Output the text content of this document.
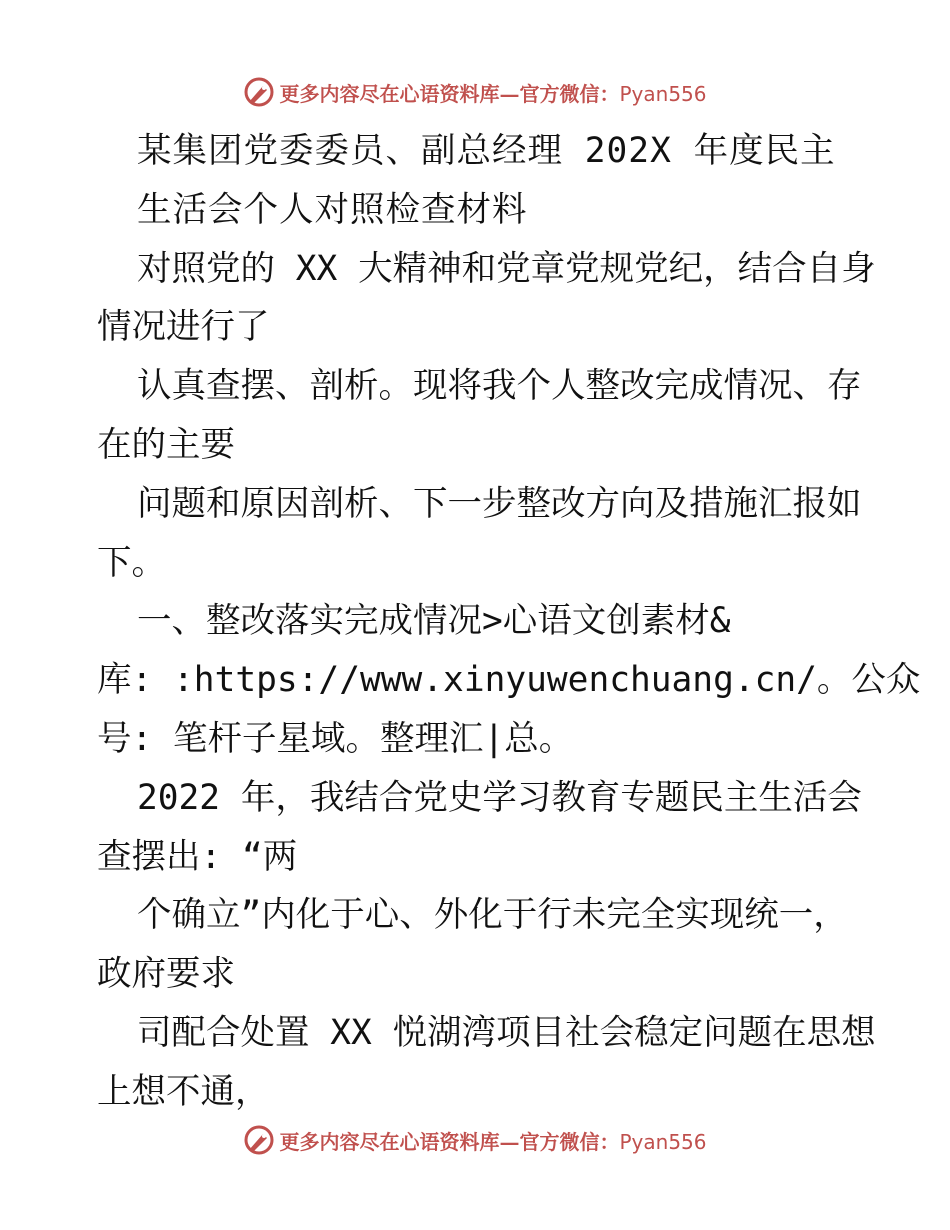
更多内容尽在心语资料库—官方微信：Pyan556
某集团党委委员、副总经理 202X 年度民主
生活会个人对照检查材料
对照党的 XX 大精神和党章党规党纪，结合自身
情况进行了
认真查摆、剖析。现将我个人整改完成情况、存
在的主要
问题和原因剖析、下一步整改方向及措施汇报如
下。
一、整改落实完成情况>心语文创素材&
库: :https://www.xinyuwenchuang.cn/。公众
号: 笔杆子星域。整理汇|总。
2022 年，我结合党史学习教育专题民主生活会
查摆出: “两
个确立”内化于心、外化于行未完全实现统一，
政府要求
司配合处置 XX 悦湖湾项目社会稳定问题在思想
上想不通，
更多内容尽在心语资料库—官方微信：Pyan556
